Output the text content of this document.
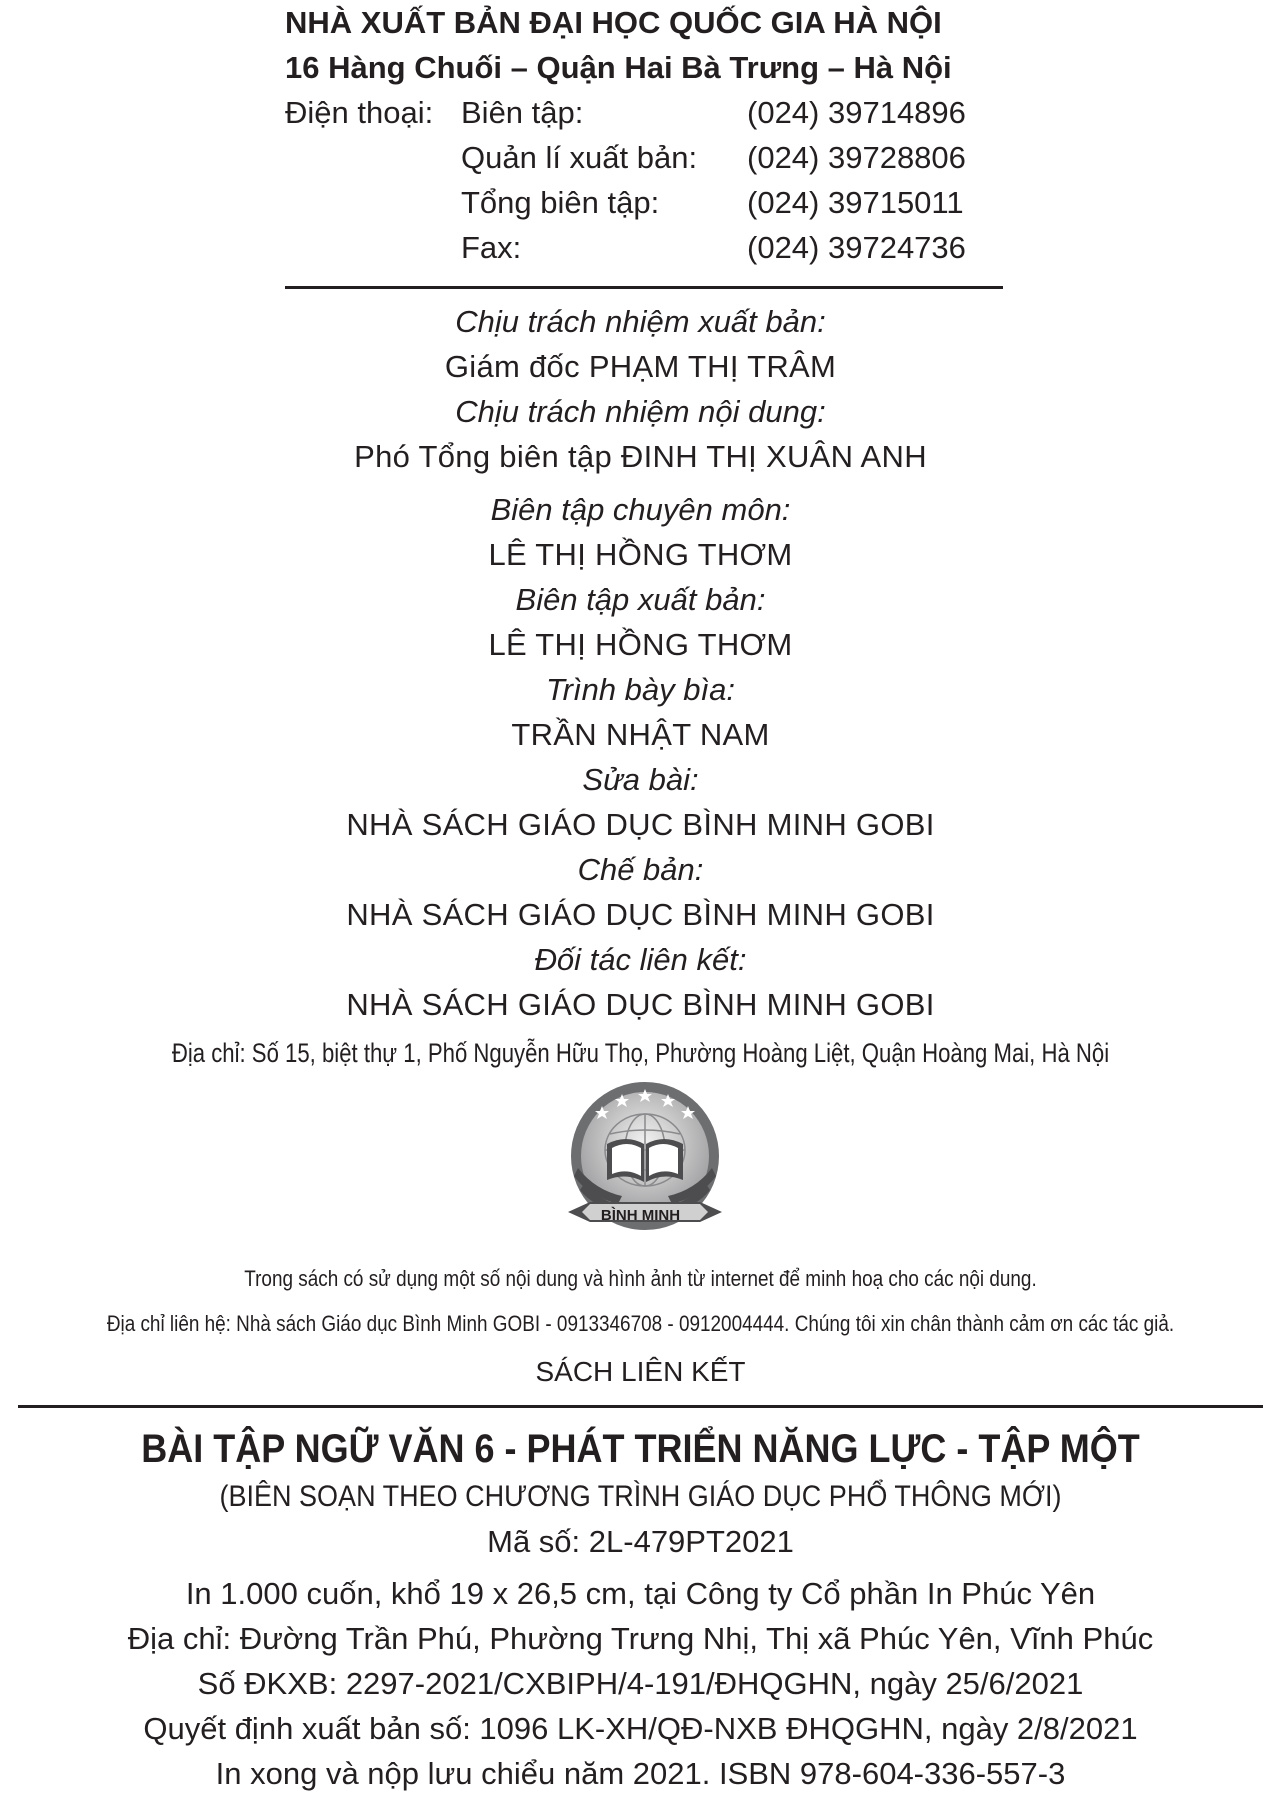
NHÀ XUẤT BẢN ĐẠI HỌC QUỐC GIA HÀ NỘI
16 Hàng Chuối – Quận Hai Bà Trưng – Hà Nội
Điện thoại: Biên tập:	(024) 39714896
Quản lí xuất bản: (024) 39728806
Tổng biên tập:	(024) 39715011
Fax:	(024) 39724736
Chịu trách nhiệm xuất bản:
Giám đốc PHẠM THỊ TRÂM
Chịu trách nhiệm nội dung:
Phó Tổng biên tập ĐINH THỊ XUÂN ANH
Biên tập chuyên môn:
LÊ THỊ HỒNG THƠM
Biên tập xuất bản:
LÊ THỊ HỒNG THƠM
Trình bày bìa:
TRẦN NHẬT NAM
Sửa bài:
NHÀ SÁCH GIÁO DỤC BÌNH MINH GOBI
Chế bản:
NHÀ SÁCH GIÁO DỤC BÌNH MINH GOBI
Đối tác liên kết:
NHÀ SÁCH GIÁO DỤC BÌNH MINH GOBI
Địa chỉ: Số 15, biệt thự 1, Phố Nguyễn Hữu Thọ, Phường Hoàng Liệt, Quận Hoàng Mai, Hà Nội
BÌNH MINH
Trong sách có sử dụng một số nội dung và hình ảnh từ internet để minh hoạ cho các nội dung.
Địa chỉ liên hệ: Nhà sách Giáo dục Bình Minh GOBI - 0913346708 - 0912004444. Chúng tôi xin chân thành cảm ơn các tác giả.
SÁCH LIÊN KẾT
BÀI TẬP NGỮ VĂN 6 - PHÁT TRIỂN NĂNG LỰC - TẬP MỘT
(BIÊN SOẠN THEO CHƯƠNG TRÌNH GIÁO DỤC PHỔ THÔNG MỚI)
Mã số: 2L-479PT2021
In 1.000 cuốn, khổ 19 x 26,5 cm, tại Công ty Cổ phần In Phúc Yên
Địa chỉ: Đường Trần Phú, Phường Trưng Nhị, Thị xã Phúc Yên, Vĩnh Phúc
Số ĐKXB: 2297-2021/CXBIPH/4-191/ĐHQGHN, ngày 25/6/2021
Quyết định xuất bản số: 1096 LK-XH/QĐ-NXB ĐHQGHN, ngày 2/8/2021
In xong và nộp lưu chiểu năm 2021. ISBN 978-604-336-557-3
